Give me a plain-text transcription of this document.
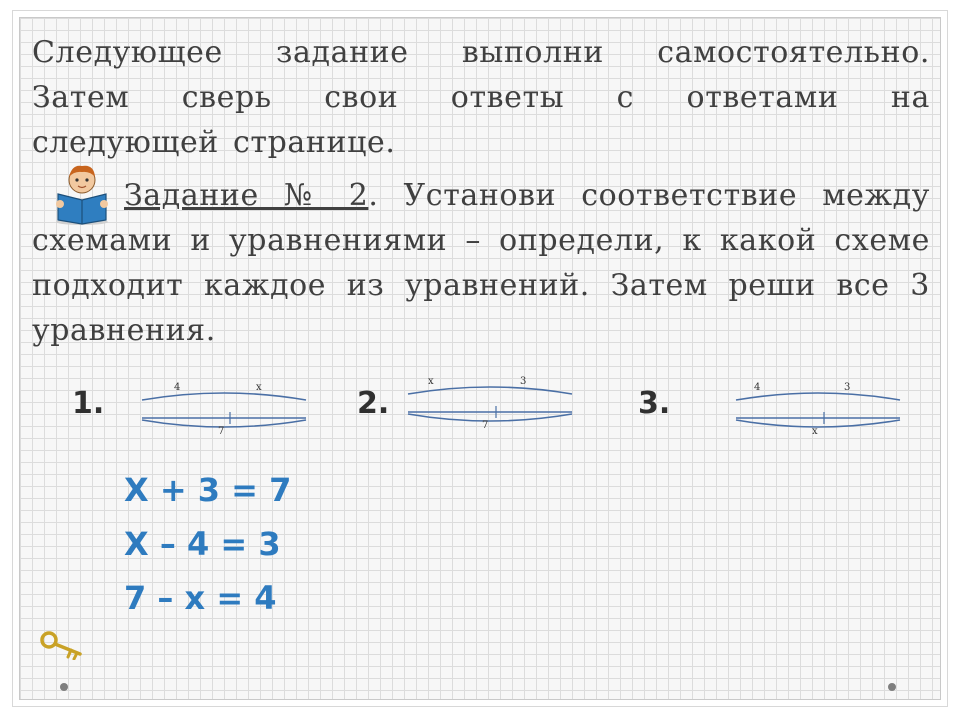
Следующее задание выполни самостоятельно.
Затем сверь свои ответы с ответами на
следующей странице.
Задание № 2. Установи соответствие между
схемами и уравнениями – определи, к какой схеме
подходит каждое из уравнений. Затем реши все 3
уравнения.
1.	4	x
7
2.
x	3
7
3.	4	3
x
X + 3 = 7
X – 4 = 3
7 – x = 4
